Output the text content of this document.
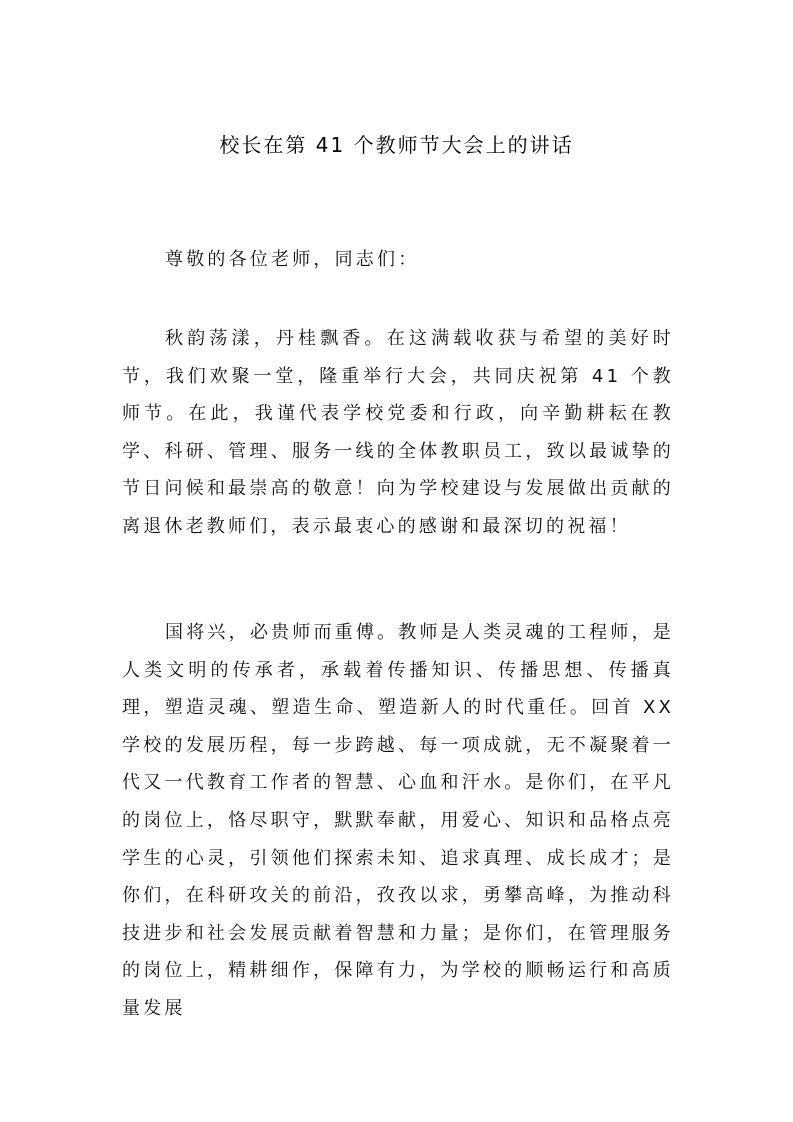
校长在第 41 个教师节大会上的讲话

尊敬的各位老师，同志们：

秋韵荡漾，丹桂飘香。在这满载收获与希望的美好时节，我们欢聚一堂，隆重举行大会，共同庆祝第 41 个教师节。在此，我谨代表学校党委和行政，向辛勤耕耘在教学、科研、管理、服务一线的全体教职员工，致以最诚挚的节日问候和最崇高的敬意！向为学校建设与发展做出贡献的离退休老教师们，表示最衷心的感谢和最深切的祝福！

国将兴，必贵师而重傅。教师是人类灵魂的工程师，是人类文明的传承者，承载着传播知识、传播思想、传播真理，塑造灵魂、塑造生命、塑造新人的时代重任。回首 XX 学校的发展历程，每一步跨越、每一项成就，无不凝聚着一代又一代教育工作者的智慧、心血和汗水。是你们，在平凡的岗位上，恪尽职守，默默奉献，用爱心、知识和品格点亮学生的心灵，引领他们探索未知、追求真理、成长成才；是你们，在科研攻关的前沿，孜孜以求，勇攀高峰，为推动科技进步和社会发展贡献着智慧和力量；是你们，在管理服务的岗位上，精耕细作，保障有力，为学校的顺畅运行和高质量发展
